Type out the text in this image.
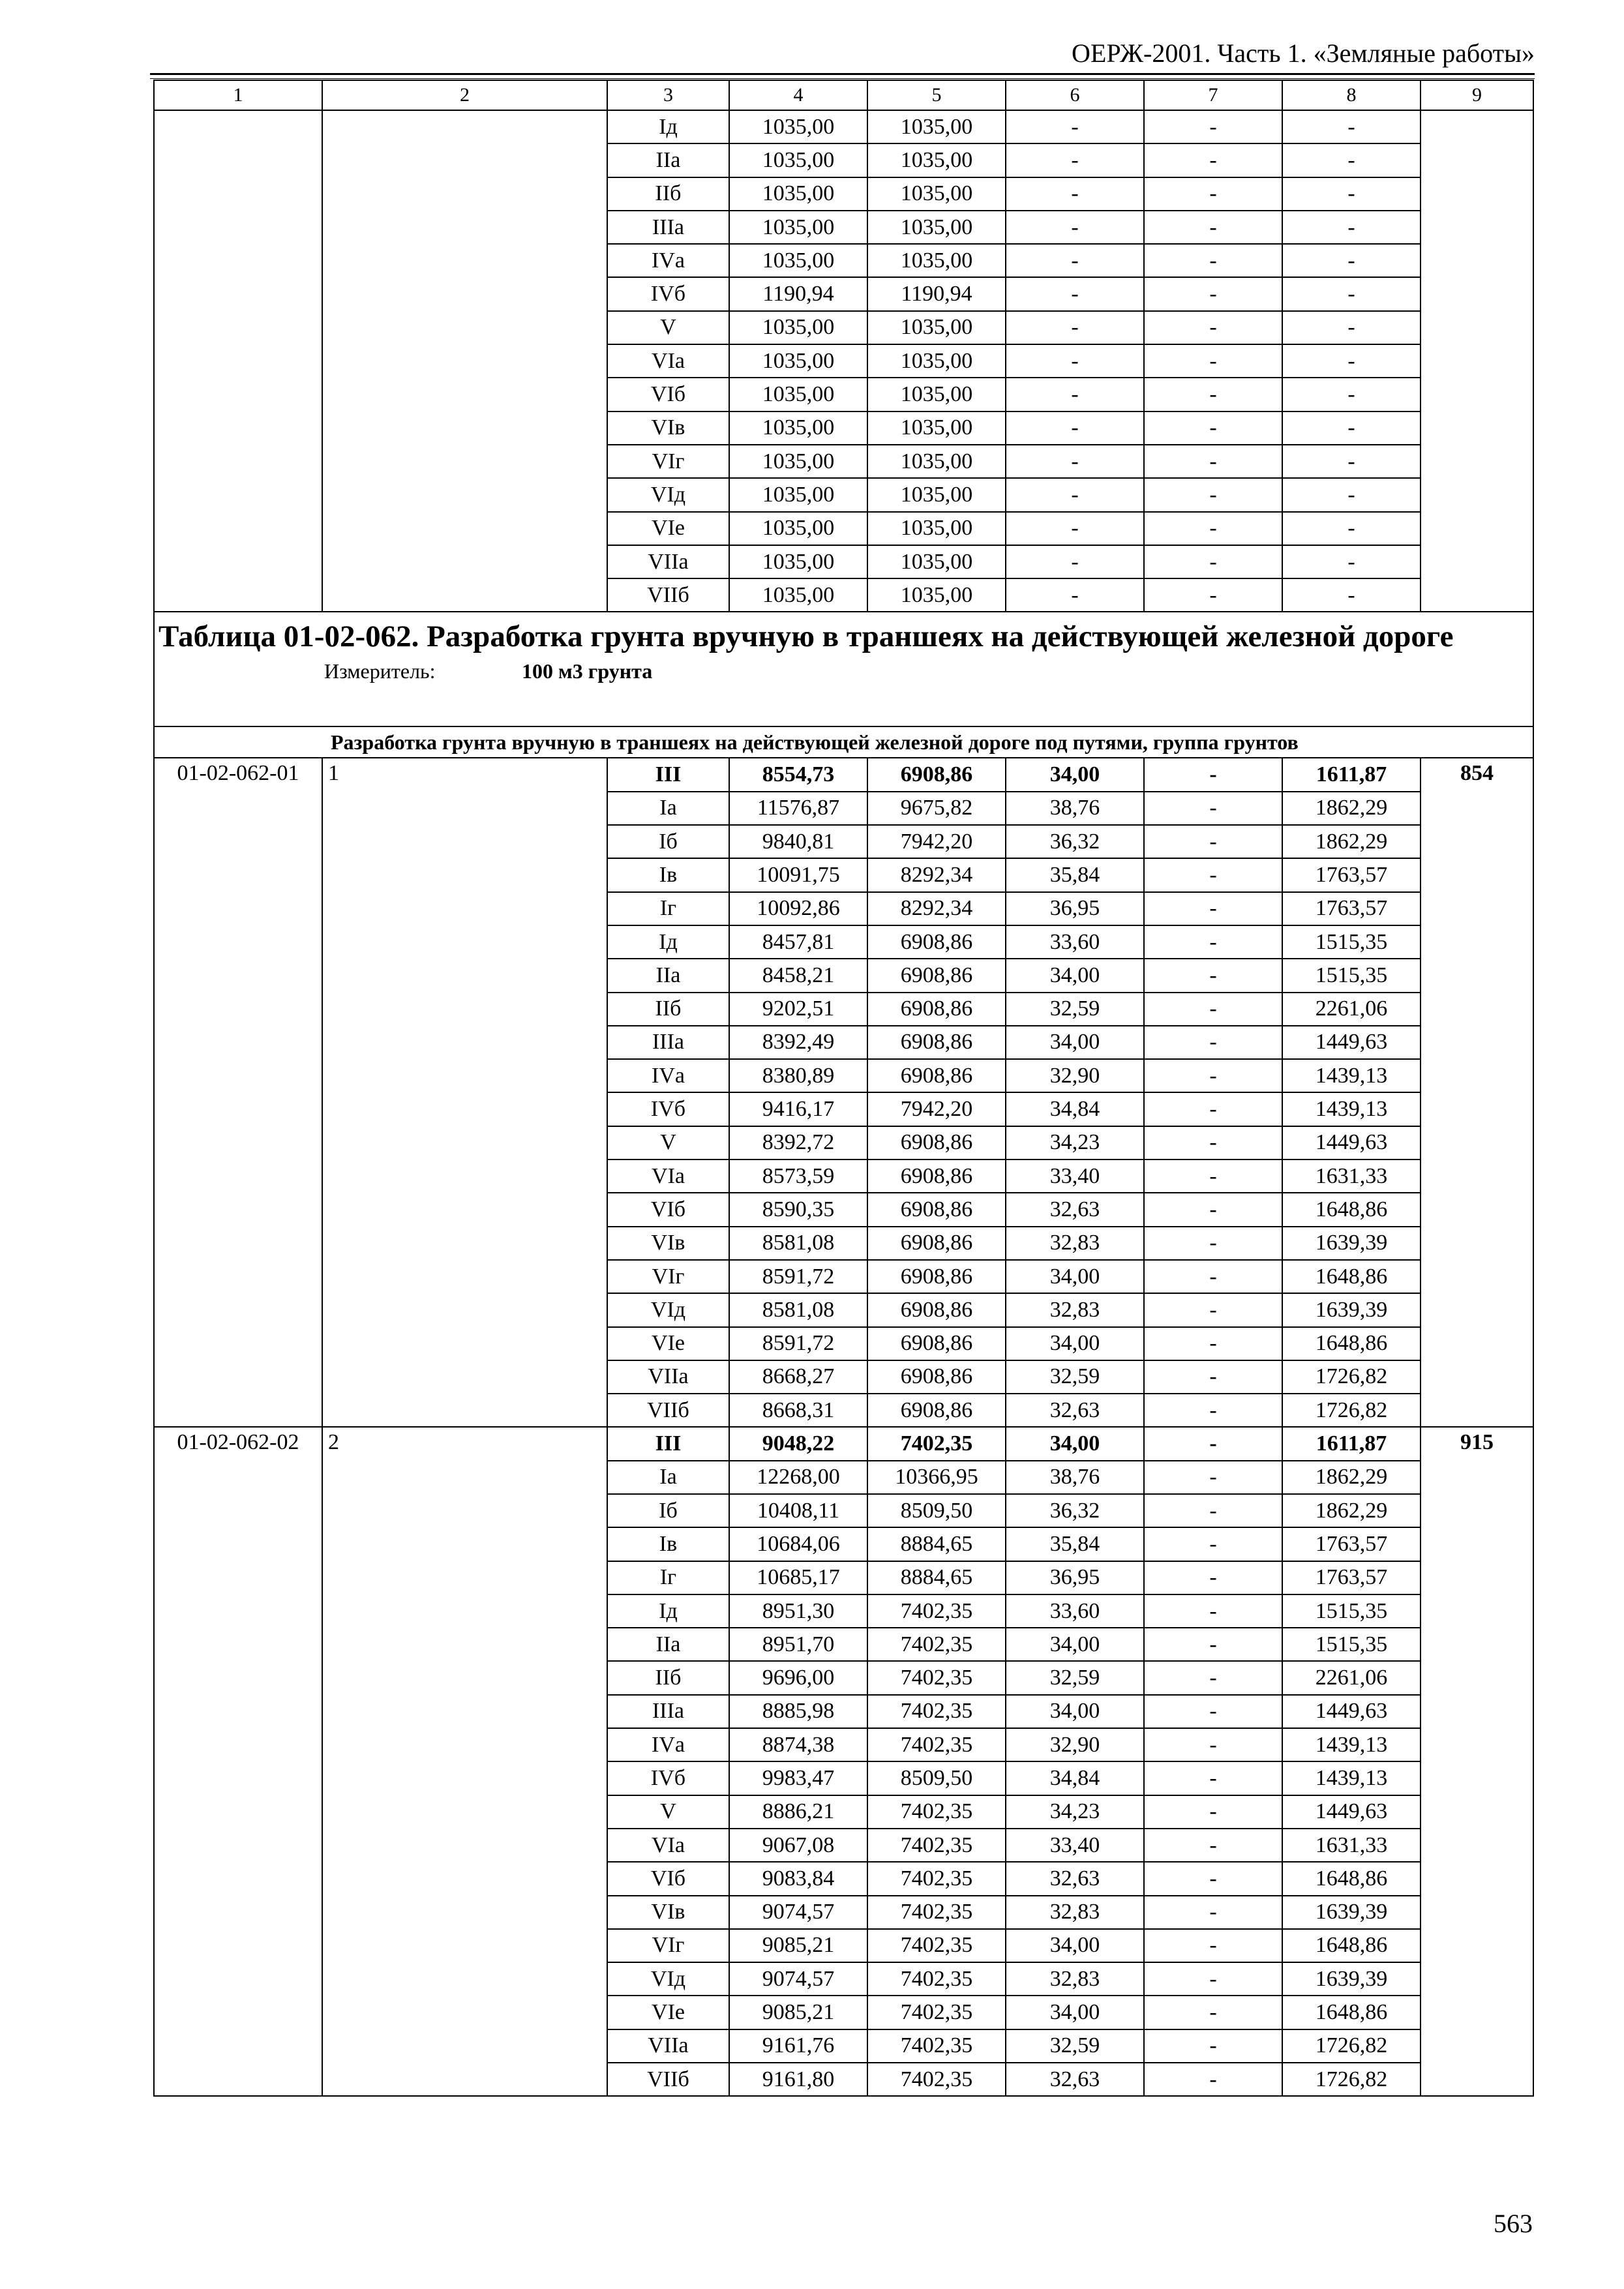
ОЕРЖ-2001. Часть 1. «Земляные работы»
1	2	3	4	5	6	7	8	9
		Iд	1035,00	1035,00	-	-	-	
		IIа	1035,00	1035,00	-	-	-	
		IIб	1035,00	1035,00	-	-	-	
		IIIа	1035,00	1035,00	-	-	-	
		IVа	1035,00	1035,00	-	-	-	
		IVб	1190,94	1190,94	-	-	-	
		V	1035,00	1035,00	-	-	-	
		VIа	1035,00	1035,00	-	-	-	
		VIб	1035,00	1035,00	-	-	-	
		VIв	1035,00	1035,00	-	-	-	
		VIг	1035,00	1035,00	-	-	-	
		VIд	1035,00	1035,00	-	-	-	
		VIе	1035,00	1035,00	-	-	-	
		VIIа	1035,00	1035,00	-	-	-	
		VIIб	1035,00	1035,00	-	-	-	

Таблица 01-02-062. Разработка грунта вручную в траншеях на действующей железной дороге
Измеритель: 100 м3 грунта								

Разработка грунта вручную в траншеях на действующей железной дороге под путями, группа грунтов								
01-02-062-01	1	III	8554,73	6908,86	34,00	-	1611,87	854
		Iа	11576,87	9675,82	38,76	-	1862,29	
		Iб	9840,81	7942,20	36,32	-	1862,29	
		Iв	10091,75	8292,34	35,84	-	1763,57	
		Iг	10092,86	8292,34	36,95	-	1763,57	
		Iд	8457,81	6908,86	33,60	-	1515,35	
		IIа	8458,21	6908,86	34,00	-	1515,35	
		IIб	9202,51	6908,86	32,59	-	2261,06	
		IIIа	8392,49	6908,86	34,00	-	1449,63	
		IVа	8380,89	6908,86	32,90	-	1439,13	
		IVб	9416,17	7942,20	34,84	-	1439,13	
		V	8392,72	6908,86	34,23	-	1449,63	
		VIа	8573,59	6908,86	33,40	-	1631,33	
		VIб	8590,35	6908,86	32,63	-	1648,86	
		VIв	8581,08	6908,86	32,83	-	1639,39	
		VIг	8591,72	6908,86	34,00	-	1648,86	
		VIд	8581,08	6908,86	32,83	-	1639,39	
		VIе	8591,72	6908,86	34,00	-	1648,86	
		VIIа	8668,27	6908,86	32,59	-	1726,82	
		VIIб	8668,31	6908,86	32,63	-	1726,82	
01-02-062-02	2	III	9048,22	7402,35	34,00	-	1611,87	915
		Iа	12268,00	10366,95	38,76	-	1862,29	
		Iб	10408,11	8509,50	36,32	-	1862,29	
		Iв	10684,06	8884,65	35,84	-	1763,57	
		Iг	10685,17	8884,65	36,95	-	1763,57	
		Iд	8951,30	7402,35	33,60	-	1515,35	
		IIа	8951,70	7402,35	34,00	-	1515,35	
		IIб	9696,00	7402,35	32,59	-	2261,06	
		IIIа	8885,98	7402,35	34,00	-	1449,63	
		IVа	8874,38	7402,35	32,90	-	1439,13	
		IVб	9983,47	8509,50	34,84	-	1439,13	
		V	8886,21	7402,35	34,23	-	1449,63	
		VIа	9067,08	7402,35	33,40	-	1631,33	
		VIб	9083,84	7402,35	32,63	-	1648,86	
		VIв	9074,57	7402,35	32,83	-	1639,39	
		VIг	9085,21	7402,35	34,00	-	1648,86	
		VIд	9074,57	7402,35	32,83	-	1639,39	
		VIе	9085,21	7402,35	34,00	-	1648,86	
		VIIа	9161,76	7402,35	32,59	-	1726,82	
		VIIб	9161,80	7402,35	32,63	-	1726,82	
563
